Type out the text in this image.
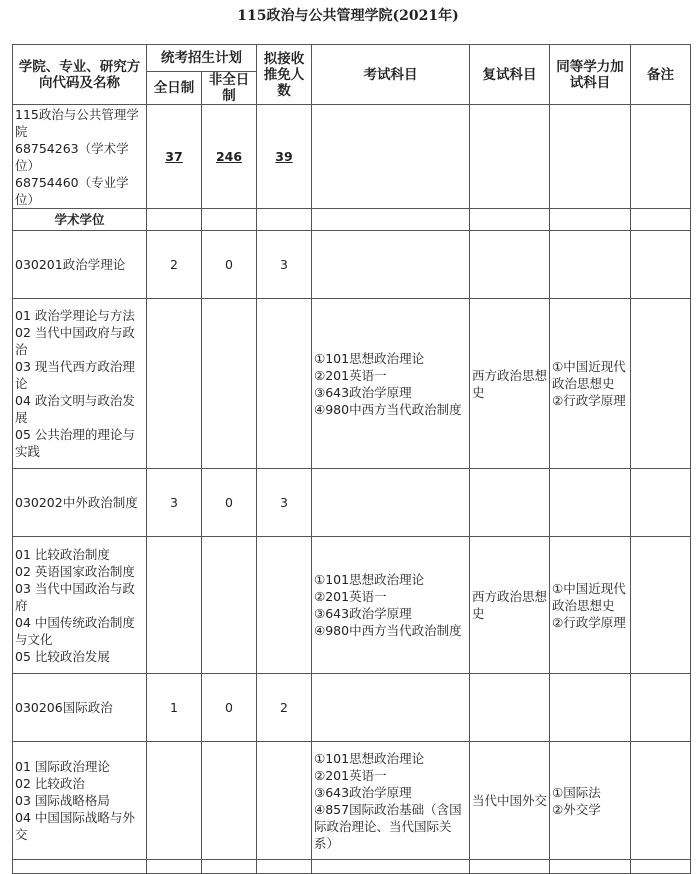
115政治与公共管理学院(2021年)
学院、专业、研究方向代码及名称	统考招生计划		拟接收推免人数	考试科目	复试科目	同等学力加试科目	备注
	全日制	非全日制					

115政治与公共管理学院
68754263（学术学位）
68754460（专业学位）	37	246	39				
学术学位							
030201政治学理论	2	0	3				

01 政治学理论与方法
02 当代中国政府与政治
03 现当代西方政治理论
04 政治文明与政治发展
05 公共治理的理论与实践				①101思想政治理论
②201英语一
③643政治学原理
④980中西方当代政治制度	西方政治思想史	①中国近现代政治思想史
②行政学原理	

030202中外政治制度	3	0	3				

01 比较政治制度
02 英语国家政治制度
03 当代中国政治与政府
04 中国传统政治制度与文化
05 比较政治发展				①101思想政治理论
②201英语一
③643政治学原理
④980中西方当代政治制度	西方政治思想史	①中国近现代政治思想史
②行政学原理	

030206国际政治	1	0	2				

01 国际政治理论
02 比较政治
03 国际战略格局
04 中国国际战略与外交				①101思想政治理论
②201英语一
③643政治学原理
④857国际政治基础（含国际政治理论、当代国际关系）	当代中国外交	①国际法
②外交学	
